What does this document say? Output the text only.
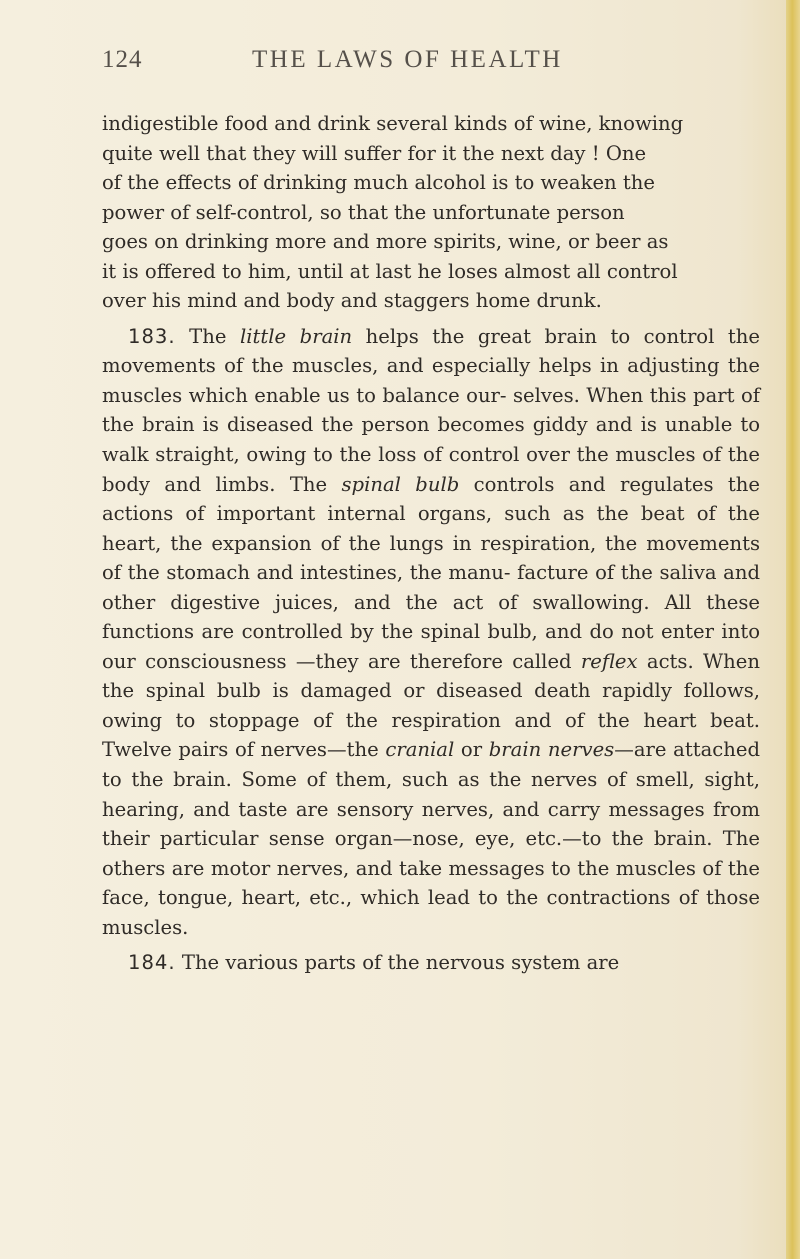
124	THE LAWS OF HEALTH

indigestible food and drink several kinds of wine, knowing
quite well that they will suffer for it the next day ! One
of the effects of drinking much alcohol is to weaken the
power of self-control, so that the unfortunate person
goes on drinking more and more spirits, wine, or beer as
it is offered to him, until at last he loses almost all control
over his mind and body and staggers home drunk.

183. The little brain helps the great brain to control the movements of the muscles, and especially helps in adjusting the muscles which enable us to balance our- selves. When this part of the brain is diseased the person becomes giddy and is unable to walk straight, owing to the loss of control over the muscles of the body and limbs. The spinal bulb controls and regulates the actions of important internal organs, such as the beat of the heart, the expansion of the lungs in respiration, the movements of the stomach and intestines, the manu- facture of the saliva and other digestive juices, and the act of swallowing. All these functions are controlled by the spinal bulb, and do not enter into our consciousness —they are therefore called reflex acts. When the spinal bulb is damaged or diseased death rapidly follows, owing to stoppage of the respiration and of the heart beat. Twelve pairs of nerves—the cranial or brain nerves—are attached to the brain. Some of them, such as the nerves of smell, sight, hearing, and taste are sensory nerves, and carry messages from their particular sense organ—nose, eye, etc.—to the brain. The others are motor nerves, and take messages to the muscles of the face, tongue, heart, etc., which lead to the contractions of those muscles.

184. The various parts of the nervous system are
